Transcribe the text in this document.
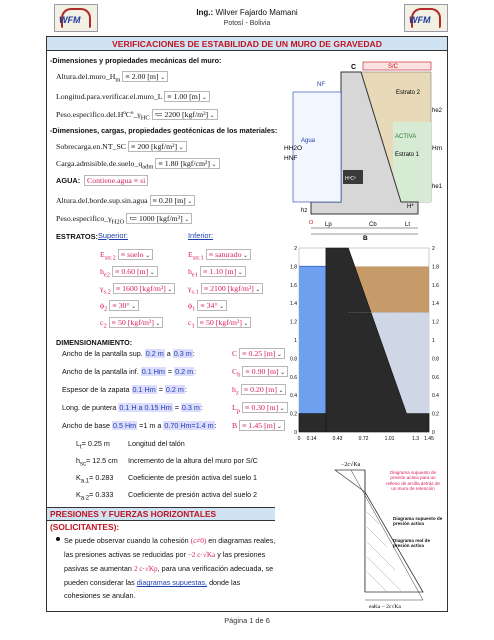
WFM
Ing.: Wilver Fajardo Mamani
Potosí - Bolivia	WFM
VERIFICACIONES DE ESTABILIDAD DE UN MURO DE GRAVEDAD
-Dimensiones y propiedades mecánicas del muro:
$Altura.del.muro\_H_m \equiv 2.00$ [m] ⌄
Longitud.para.verificar.el.muro_L ≡ 1.00 [m] ⌄
$Peso.especifico.del.HºCº\_\gamma_{HC}$ ≔ 2200 [kgf/m³] ⌄
-Dimensiones, cargas, propiedades geotécnicas de los materiales:
Sobrecarga.en.NT_SC ≡ 200 [kgf/m²] ⌄
$Carga.admisible.de.suelo\_q_{adm} \equiv 1.80$ [kgf/cm²] ⌄
AGUA: Contiene.agua ≡ si
Altura.del.borde.sup.sin.agua ≡ 0.20 [m] ⌄
$Peso.especifico\_\gamma_{H2O}$ ≔ 1000 [kgf/m³] ⌄
ESTRATOS: Superior:	Inferior:
$E_{str.2}$ ≡ suelo ⌄	$E_{str.1}$ ≡ saturado ⌄
$h_{e2} \equiv 0.60$ [m] ⌄	$h_{e1} \equiv 1.10$ [m] ⌄
$\gamma_{s.2} \equiv 1600$ [kgf/m³] ⌄	$\gamma_{s.1} \equiv 2100$ [kgf/m³] ⌄
$\phi_2 \equiv 30^\circ$ ⌄	$\phi_1 \equiv 34^\circ$ ⌄
$c_2 \equiv 50$ [kgf/m²] ⌄	$c_1 \equiv 50$ [kgf/m²] ⌄
DIMENSIONAMIENTO:
Ancho de la pantalla sup. 0.2 m a 0.3 m:	C ≡ 0.25 [m] ⌄
Ancho de la pantalla inf. 0.1 Hm = 0.2 m:	$C_b \equiv 0.90$ [m] ⌄
Espesor de la zapata 0.1 Hm = 0.2 m:	$h_z \equiv 0.20$ [m] ⌄
Long. de puntera 0.1 H a 0.15 Hm = 0.3 m:	$L_p \equiv 0.30$ [m] ⌄
Ancho de base 0.5 Hm =1 m a 0.70 Hm=1.4 m: B ≡ 1.45 [m] ⌄
$L_t= 0.25$ m	Longitud del talón
$h_{sc}= 12.5$ cm Incremento de la altura del muro por S/C
$K_{a.1}= 0.283$ Coeficiente de presión activa del suelo 1
$K_{a.2}= 0.333$ Coeficiente de presión activa del suelo 2
PRESIONES Y FUERZAS HORIZONTALES (SOLICITANTES):
Se puede observar cuando la cohesión (c≠0) en diagramas reales, las presiones activas se reducidas por −2 c·√Ka y las presiones pasivas se aumentan 2 c·√Kp, para una verificación adecuada, se pueden considerar las diagramas supuestas, donde las cohesiones se anulan.
HºCº
Agua
NF
S/C
C
Estrato 2
ACTIVA
Estrato 1
H*
HH2O
HNF
Hm
he1
he2
hz
O Lp	Cb	Lt
B
0	0
0.2	0.2
0.4	0.4
0.6	0.6
0.8	0.8
1	1
1.2	1.2
1.4	1.4
1.6	1.6
1.8	1.8
2	2
0 0.14	0.43	0.72	1.01	1.3 1.45
−2c√Ka
eaKa − 2c√Ka
Diagrama supuesto de presión activa para un relleno de arcilla detrás de un muro de retención
Diagrama supuesto de presión activa
Diagrama real de presión activa
Página 1 de 6
